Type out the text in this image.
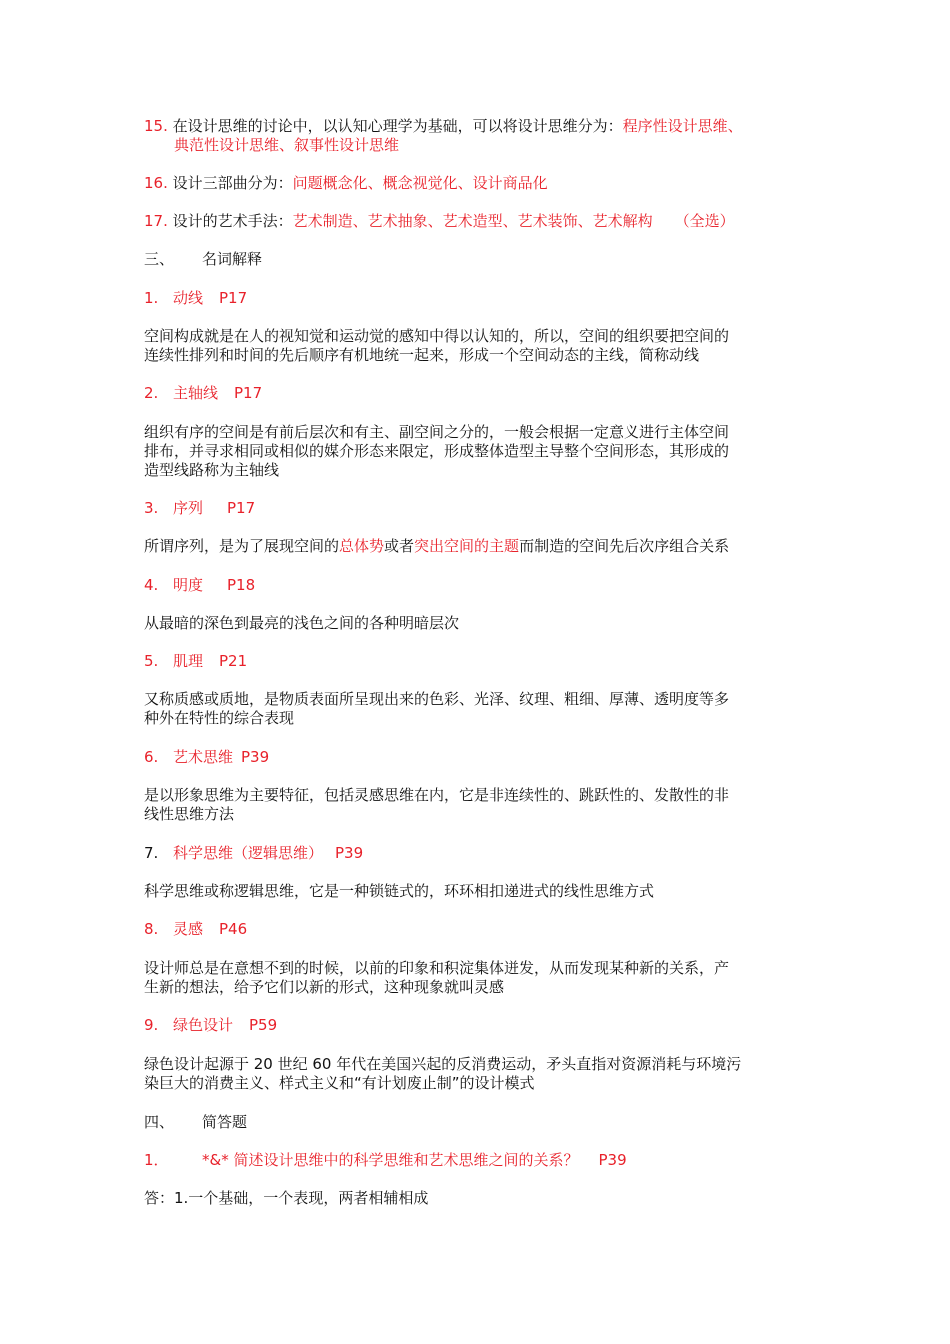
15. 在设计思维的讨论中，以认知心理学为基础，可以将设计思维分为：程序性设计思维、
典范性设计思维、叙事性设计思维
16. 设计三部曲分为：问题概念化、概念视觉化、设计商品化
17. 设计的艺术手法：艺术制造、艺术抽象、艺术造型、艺术装饰、艺术解构 （全选）
三、 名词解释
1. 动线 P17
空间构成就是在人的视知觉和运动觉的感知中得以认知的，所以，空间的组织要把空间的
连续性排列和时间的先后顺序有机地统一起来，形成一个空间动态的主线，简称动线
2. 主轴线 P17
组织有序的空间是有前后层次和有主、副空间之分的，一般会根据一定意义进行主体空间
排布，并寻求相同或相似的媒介形态来限定，形成整体造型主导整个空间形态，其形成的
造型线路称为主轴线
3. 序列 P17
所谓序列，是为了展现空间的总体势或者突出空间的主题而制造的空间先后次序组合关系
4. 明度 P18
从最暗的深色到最亮的浅色之间的各种明暗层次
5. 肌理 P21
又称质感或质地，是物质表面所呈现出来的色彩、光泽、纹理、粗细、厚薄、透明度等多
种外在特性的综合表现
6. 艺术思维 P39
是以形象思维为主要特征，包括灵感思维在内，它是非连续性的、跳跃性的、发散性的非
线性思维方法
7. 科学思维（逻辑思维） P39
科学思维或称逻辑思维，它是一种锁链式的，环环相扣递进式的线性思维方式
8. 灵感 P46
设计师总是在意想不到的时候，以前的印象和积淀集体迸发，从而发现某种新的关系，产
生新的想法，给予它们以新的形式，这种现象就叫灵感
9. 绿色设计 P59
绿色设计起源于 20 世纪 60 年代在美国兴起的反消费运动，矛头直指对资源消耗与环境污
染巨大的消费主义、样式主义和“有计划废止制”的设计模式
四、 简答题
1． *&* 简述设计思维中的科学思维和艺术思维之间的关系？ P39
答：1.一个基础，一个表现，两者相辅相成
